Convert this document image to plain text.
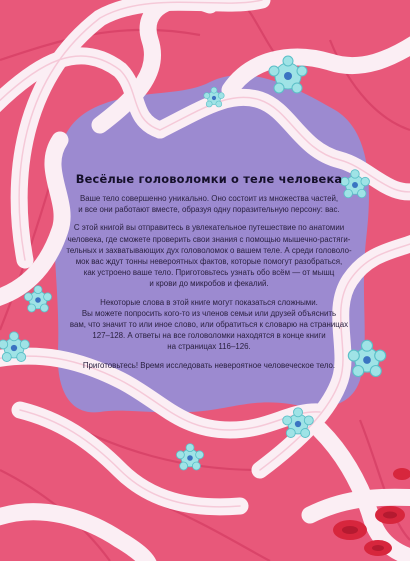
Весёлые головоломки о теле человека

Ваше тело совершенно уникально. Оно состоит из множества частей,
и все они работают вместе, образуя одну поразительную персону: вас.

С этой книгой вы отправитесь в увлекательное путешествие по анатомии
человека, где сможете проверить свои знания с помощью мышечно-растяги-
тельных и захватывающих дух головоломок о вашем теле. А среди головоло-
мок вас ждут тонны невероятных фактов, которые помогут разобраться,
как устроено ваше тело. Приготовьтесь узнать обо всём — от мышц
и крови до микробов и фекалий.

Некоторые слова в этой книге могут показаться сложными.
Вы можете попросить кого-то из членов семьи или друзей объяснить
вам, что значит то или иное слово, или обратиться к словарю на страницах
127–128. А ответы на все головоломки находятся в конце книги
на страницах 116–126.

Приготовьтесь! Время исследовать невероятное человеческое тело.
